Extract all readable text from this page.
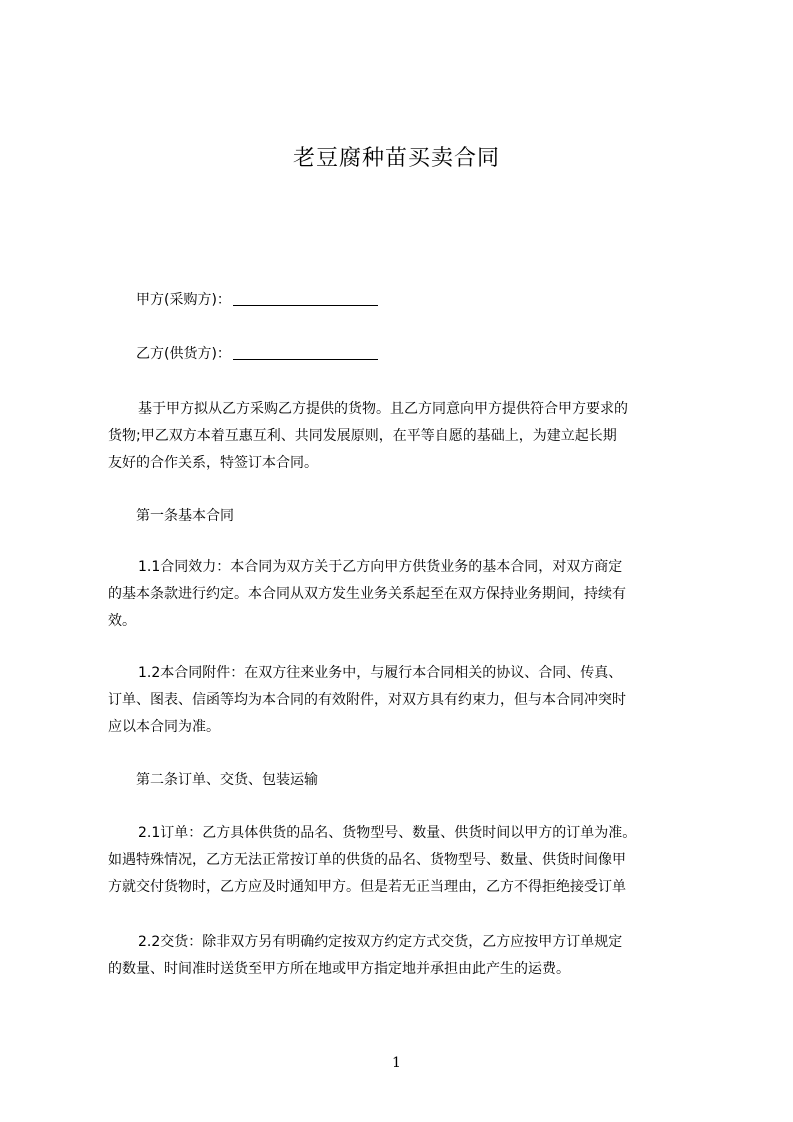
老豆腐种苗买卖合同
甲方(采购方)：
乙方(供货方)：
基于甲方拟从乙方采购乙方提供的货物。且乙方同意向甲方提供符合甲方要求的
货物;甲乙双方本着互惠互利、共同发展原则，在平等自愿的基础上，为建立起长期
友好的合作关系，特签订本合同。
第一条基本合同
1.1合同效力：本合同为双方关于乙方向甲方供货业务的基本合同，对双方商定
的基本条款进行约定。本合同从双方发生业务关系起至在双方保持业务期间，持续有
效。
1.2本合同附件：在双方往来业务中，与履行本合同相关的协议、合同、传真、
订单、图表、信函等均为本合同的有效附件，对双方具有约束力，但与本合同冲突时
应以本合同为准。
第二条订单、交货、包装运输
2.1订单：乙方具体供货的品名、货物型号、数量、供货时间以甲方的订单为准。
如遇特殊情况，乙方无法正常按订单的供货的品名、货物型号、数量、供货时间像甲
方就交付货物时，乙方应及时通知甲方。但是若无正当理由，乙方不得拒绝接受订单
2.2交货：除非双方另有明确约定按双方约定方式交货，乙方应按甲方订单规定
的数量、时间准时送货至甲方所在地或甲方指定地并承担由此产生的运费。
1
